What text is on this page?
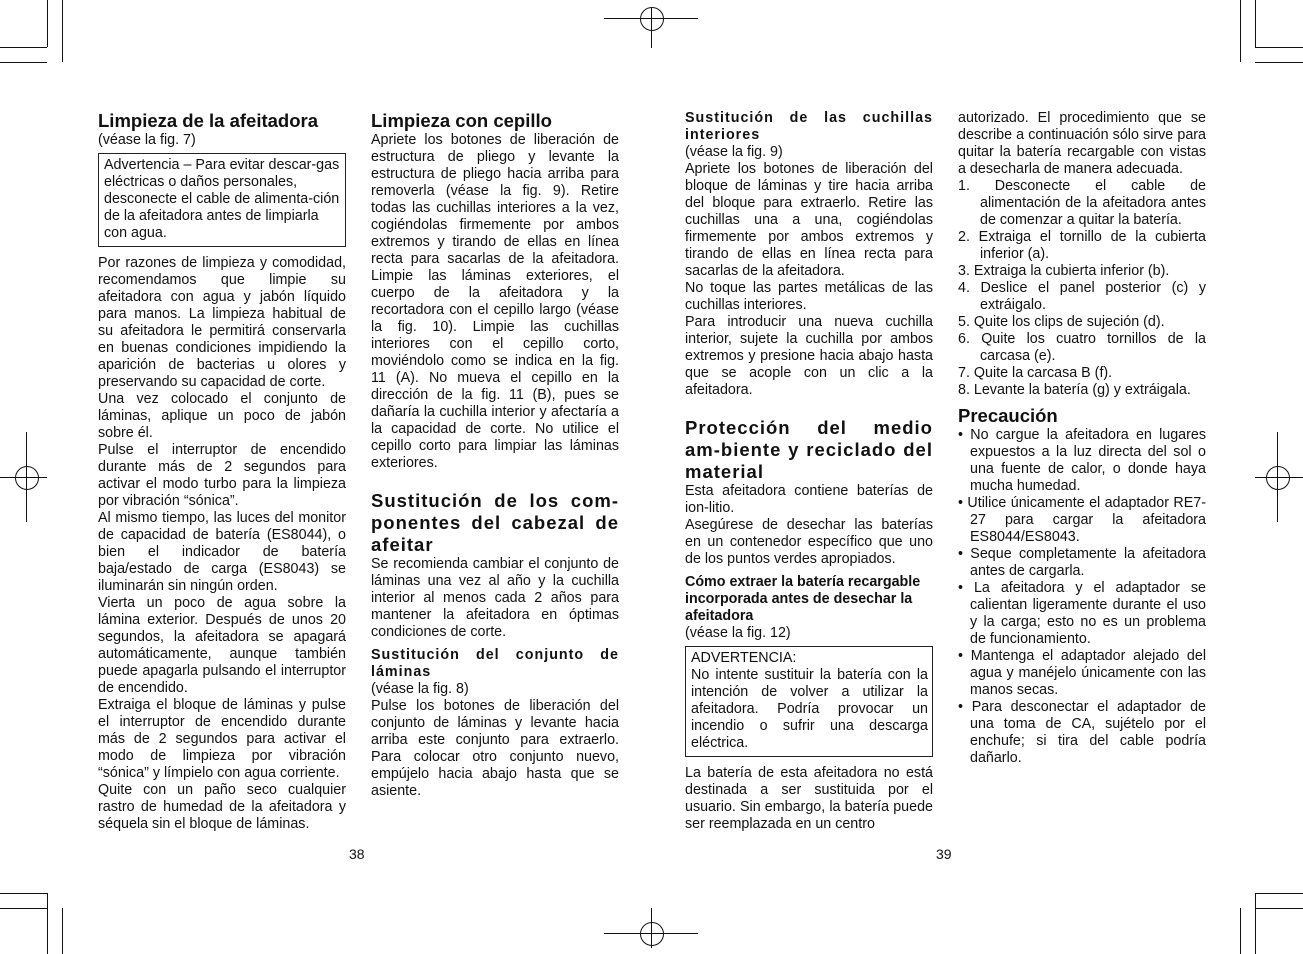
Limpieza de la afeitadora

(véase la fig. 7)

Advertencia – Para evitar descar-gas eléctricas o daños personales, desconecte el cable de alimenta-ción de la afeitadora antes de limpiarla con agua.

Por razones de limpieza y comodidad, recomendamos que limpie su afeitadora con agua y jabón líquido para manos. La limpieza habitual de su afeitadora le permitirá conservarla en buenas condiciones impidiendo la aparición de bacterias u olores y preservando su capacidad de corte.

Una vez colocado el conjunto de láminas, aplique un poco de jabón sobre él.

Pulse el interruptor de encendido durante más de 2 segundos para activar el modo turbo para la limpieza por vibración “sónica”.

Al mismo tiempo, las luces del monitor de capacidad de batería (ES8044), o bien el indicador de batería baja/estado de carga (ES8043) se iluminarán sin ningún orden.

Vierta un poco de agua sobre la lámina exterior. Después de unos 20 segundos, la afeitadora se apagará automáticamente, aunque también puede apagarla pulsando el interruptor de encendido.

Extraiga el bloque de láminas y pulse el interruptor de encendido durante más de 2 segundos para activar el modo de limpieza por vibración “sónica” y límpielo con agua corriente.

Quite con un paño seco cualquier rastro de humedad de la afeitadora y séquela sin el bloque de láminas.

Limpieza con cepillo

Apriete los botones de liberación de estructura de pliego y levante la estructura de pliego hacia arriba para removerla (véase la fig. 9). Retire todas las cuchillas interiores a la vez, cogiéndolas firmemente por ambos extremos y tirando de ellas en línea recta para sacarlas de la afeitadora. Limpie las láminas exteriores, el cuerpo de la afeitadora y la recortadora con el cepillo largo (véase la fig. 10). Limpie las cuchillas interiores con el cepillo corto, moviéndolo como se indica en la fig. 11 (A). No mueva el cepillo en la dirección de la fig. 11 (B), pues se dañaría la cuchilla interior y afectaría a la capacidad de corte. No utilice el cepillo corto para limpiar las láminas exteriores.

Sustitución de los com-ponentes del cabezal de afeitar

Se recomienda cambiar el conjunto de láminas una vez al año y la cuchilla interior al menos cada 2 años para mantener la afeitadora en óptimas condiciones de corte.

Sustitución del conjunto de láminas

(véase la fig. 8)

Pulse los botones de liberación del conjunto de láminas y levante hacia arriba este conjunto para extraerlo. Para colocar otro conjunto nuevo, empújelo hacia abajo hasta que se asiente.

Sustitución de las cuchillas interiores

(véase la fig. 9)

Apriete los botones de liberación del bloque de láminas y tire hacia arriba del bloque para extraerlo. Retire las cuchillas una a una, cogiéndolas firmemente por ambos extremos y tirando de ellas en línea recta para sacarlas de la afeitadora.

No toque las partes metálicas de las cuchillas interiores.

Para introducir una nueva cuchilla interior, sujete la cuchilla por ambos extremos y presione hacia abajo hasta que se acople con un clic a la afeitadora.

Protección del medio am-biente y reciclado del material

Esta afeitadora contiene baterías de ion-litio.

Asegúrese de desechar las baterías en un contenedor específico que uno de los puntos verdes apropiados.

Cómo extraer la batería recargable incorporada antes de desechar la afeitadora

(véase la fig. 12)

ADVERTENCIA:

No intente sustituir la batería con la intención de volver a utilizar la afeitadora. Podría provocar un incendio o sufrir una descarga eléctrica.

La batería de esta afeitadora no está destinada a ser sustituida por el usuario. Sin embargo, la batería puede ser reemplazada en un centro

autorizado. El procedimiento que se describe a continuación sólo sirve para quitar la batería recargable con vistas a desecharla de manera adecuada.

1. Desconecte el cable de alimentación de la afeitadora antes de comenzar a quitar la batería.
2. Extraiga el tornillo de la cubierta inferior (a).
3. Extraiga la cubierta inferior (b).
4. Deslice el panel posterior (c) y extráigalo.
5. Quite los clips de sujeción (d).
6. Quite los cuatro tornillos de la carcasa (e).
7. Quite la carcasa B (f).
8. Levante la batería (g) y extráigala.
Precaución
• No cargue la afeitadora en lugares expuestos a la luz directa del sol o una fuente de calor, o donde haya mucha humedad.
• Utilice únicamente el adaptador RE7-27 para cargar la afeitadora ES8044/ES8043.
• Seque completamente la afeitadora antes de cargarla.
• La afeitadora y el adaptador se calientan ligeramente durante el uso y la carga; esto no es un problema de funcionamiento.
• Mantenga el adaptador alejado del agua y manéjelo únicamente con las manos secas.
• Para desconectar el adaptador de una toma de CA, sujételo por el enchufe; si tira del cable podría dañarlo.
38	39
